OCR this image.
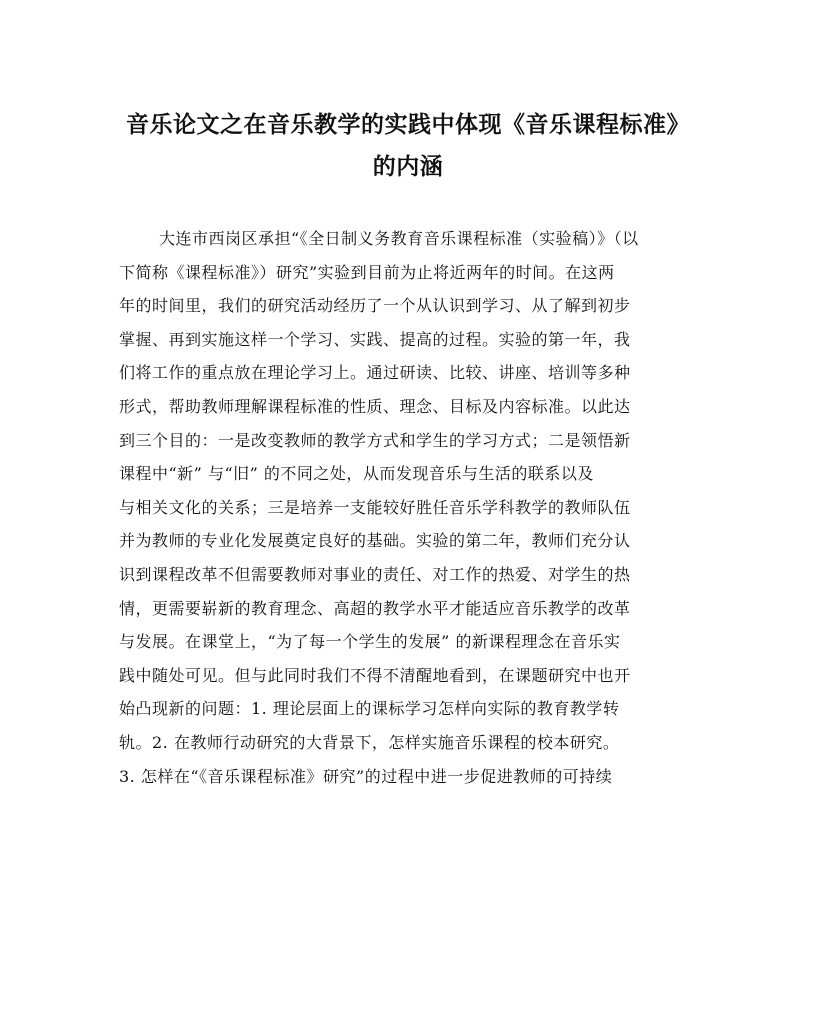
音乐论文之在音乐教学的实践中体现《音乐课程标准》
的内涵
大连市西岗区承担“《全日制义务教育音乐课程标准（实验稿）》（以
下简称《课程标准》）研究”实验到目前为止将近两年的时间。在这两
年的时间里，我们的研究活动经历了一个从认识到学习、从了解到初步
掌握、再到实施这样一个学习、实践、提高的过程。实验的第一年，我
们将工作的重点放在理论学习上。通过研读、比较、讲座、培训等多种
形式，帮助教师理解课程标准的性质、理念、目标及内容标准。以此达
到三个目的：一是改变教师的教学方式和学生的学习方式；二是领悟新
课程中“新” 与“旧” 的不同之处，从而发现音乐与生活的联系以及
与相关文化的关系；三是培养一支能较好胜任音乐学科教学的教师队伍
并为教师的专业化发展奠定良好的基础。实验的第二年，教师们充分认
识到课程改革不但需要教师对事业的责任、对工作的热爱、对学生的热
情，更需要崭新的教育理念、高超的教学水平才能适应音乐教学的改革
与发展。在课堂上，“为了每一个学生的发展” 的新课程理念在音乐实
践中随处可见。但与此同时我们不得不清醒地看到，在课题研究中也开
始凸现新的问题：1. 理论层面上的课标学习怎样向实际的教育教学转
轨。2. 在教师行动研究的大背景下，怎样实施音乐课程的校本研究。
3. 怎样在“《音乐课程标准》研究”的过程中进一步促进教师的可持续
